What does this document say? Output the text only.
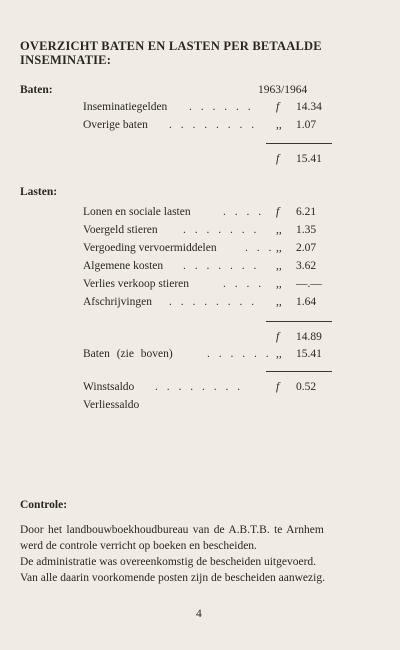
OVERZICHT BATEN EN LASTEN PER BETAALDE
INSEMINATIE:
Baten:	1963/1964
Inseminatiegelden . . . . . . f 14.34
Overige baten . . . . . . . . ,, 1.07
f 15.41
Lasten:
Lonen en sociale lasten	. . . . f 6.21
Voergeld stieren . . . . . . . ,, 1.35
Vergoeding vervoermiddelen . . . ,, 2.07
Algemene kosten . . . . . . . ,, 3.62
Verlies verkoop stieren	. . . . ,, —.—
Afschrijvingen . . . . . . . . ,, 1.64
f 14.89
Baten (zie boven)	. . . . . . ,, 15.41
Winstsaldo . . . . . . . .	f 0.52
Verliessaldo
Controle:
Door het landbouwboekhoudbureau van de A.B.T.B. te Arnhem
werd de controle verricht op boeken en bescheiden.
De administratie was overeenkomstig de bescheiden uitgevoerd.
Van alle daarin voorkomende posten zijn de bescheiden aanwezig.
4
